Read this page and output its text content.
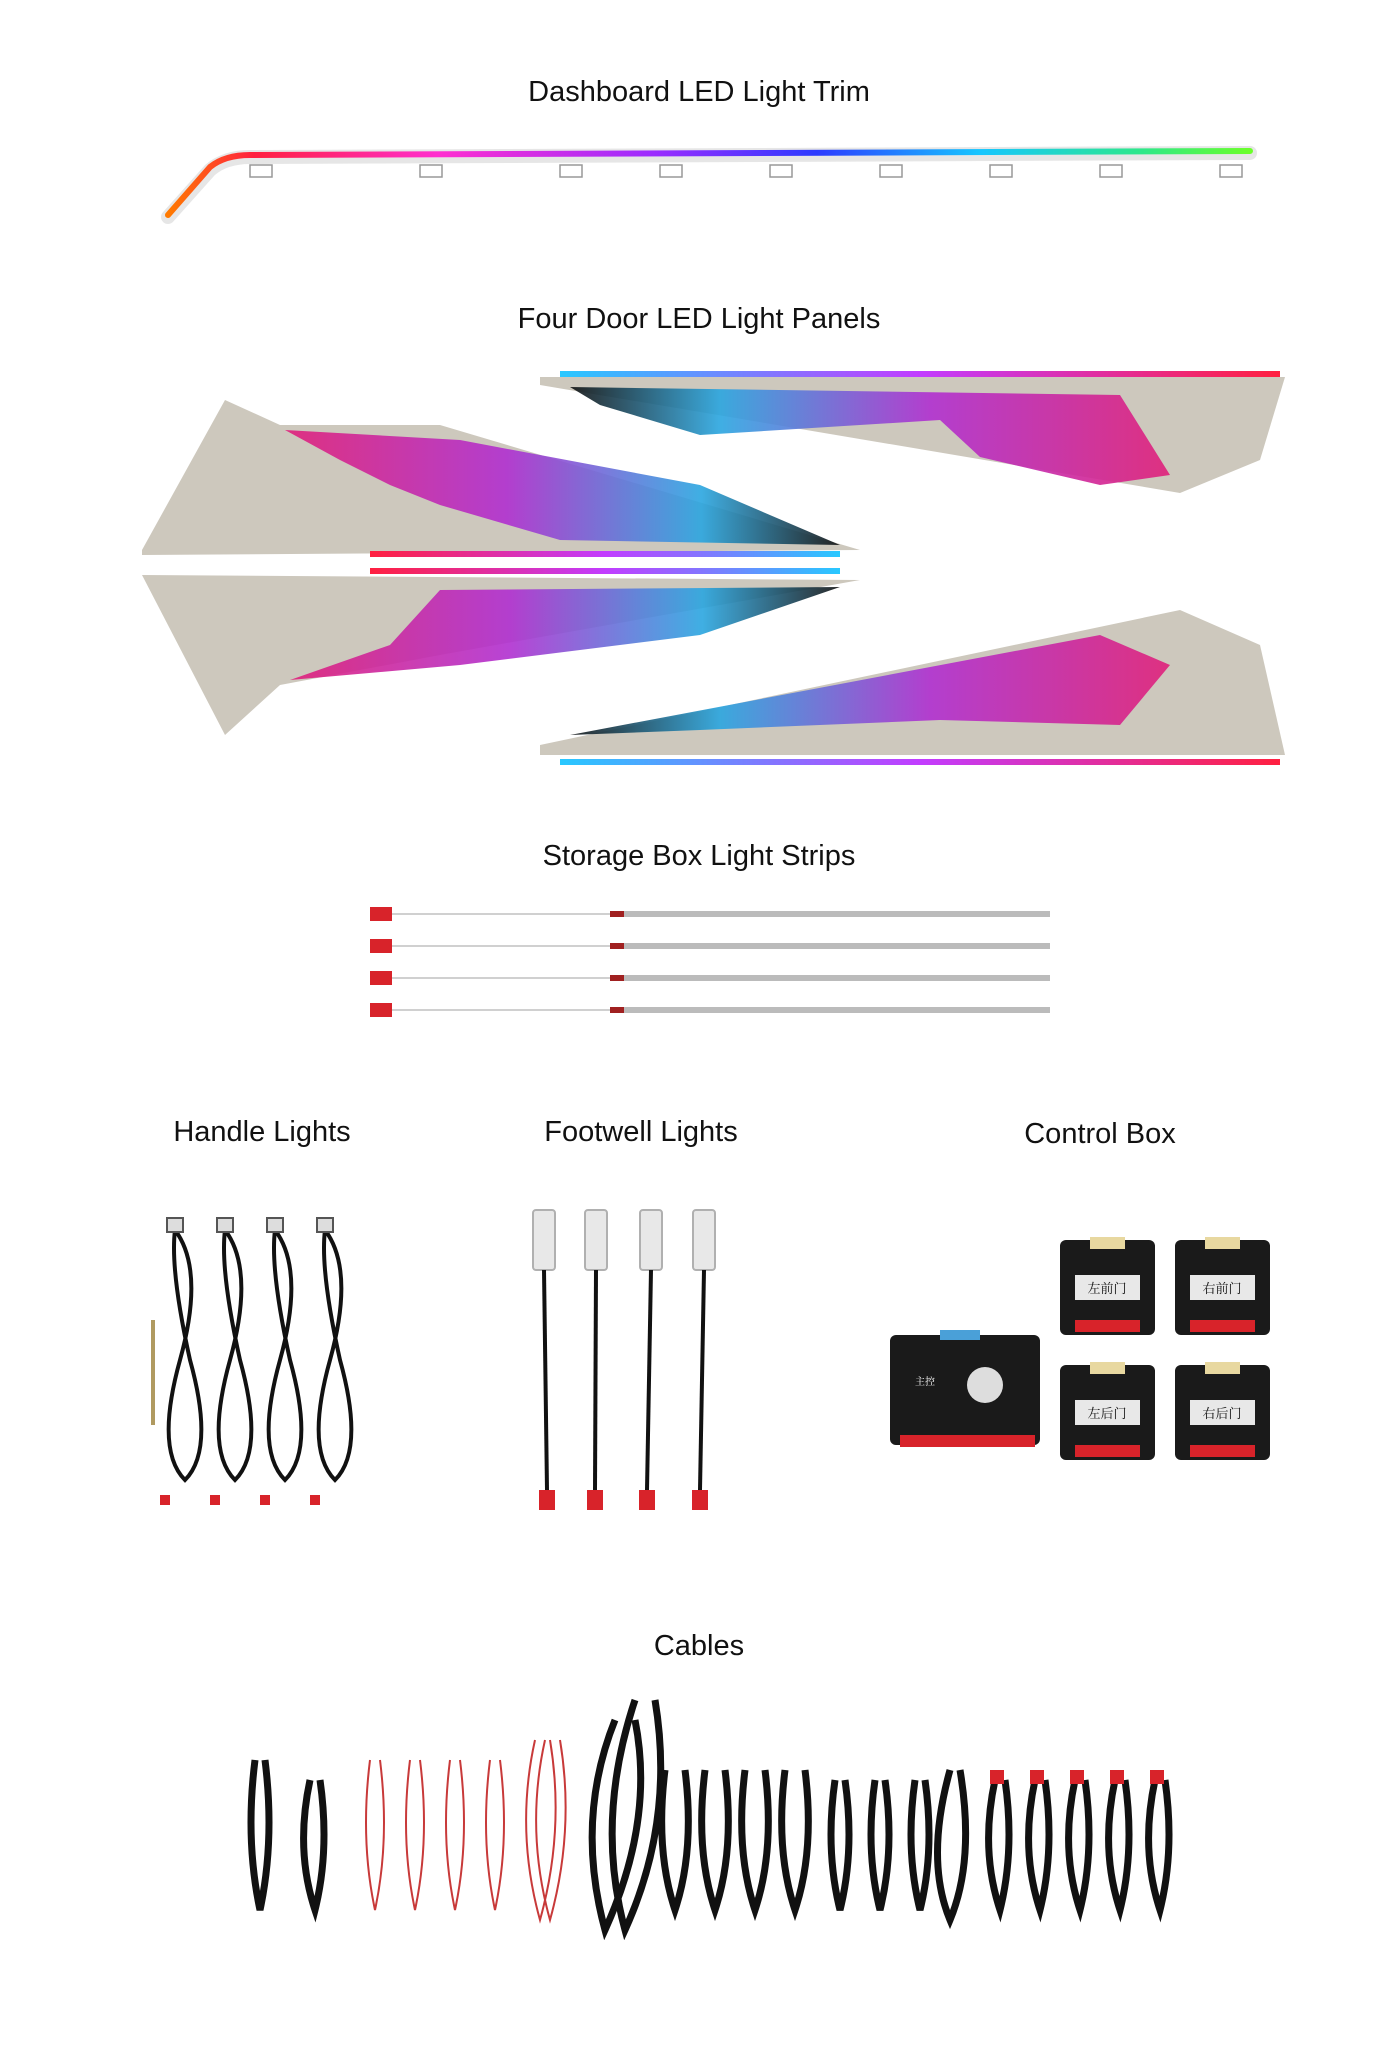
Dashboard LED Light Trim
Four Door LED Light Panels
Storage Box Light Strips
Handle Lights	Footwell Lights	Control Box
主控
左前门	右前门
左后门	右后门
Cables
